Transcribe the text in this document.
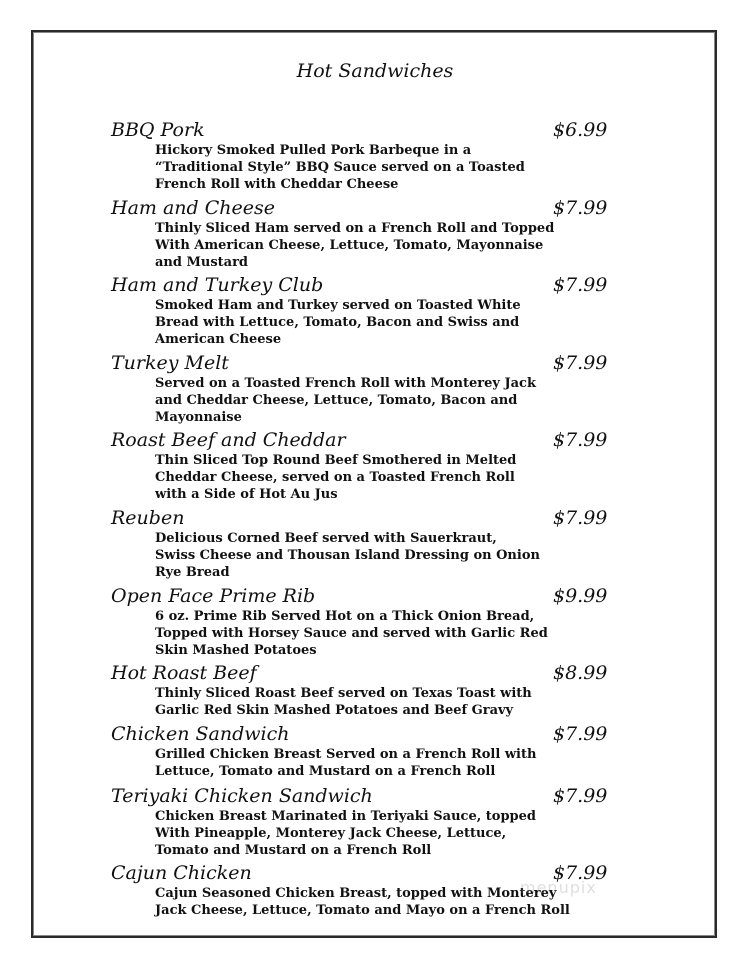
Hot Sandwiches
BBQ Pork	$6.99
Hickory Smoked Pulled Pork Barbeque in a
“Traditional Style” BBQ Sauce served on a Toasted
French Roll with Cheddar Cheese
Ham and Cheese	$7.99
Thinly Sliced Ham served on a French Roll and Topped
With American Cheese, Lettuce, Tomato, Mayonnaise
and Mustard
Ham and Turkey Club	$7.99
Smoked Ham and Turkey served on Toasted White
Bread with Lettuce, Tomato, Bacon and Swiss and
American Cheese
Turkey Melt	$7.99
Served on a Toasted French Roll with Monterey Jack
and Cheddar Cheese, Lettuce, Tomato, Bacon and
Mayonnaise
Roast Beef and Cheddar	$7.99
Thin Sliced Top Round Beef Smothered in Melted
Cheddar Cheese, served on a Toasted French Roll
with a Side of Hot Au Jus
Reuben	$7.99
Delicious Corned Beef served with Sauerkraut,
Swiss Cheese and Thousan Island Dressing on Onion
Rye Bread
Open Face Prime Rib	$9.99
6 oz. Prime Rib Served Hot on a Thick Onion Bread,
Topped with Horsey Sauce and served with Garlic Red
Skin Mashed Potatoes
Hot Roast Beef	$8.99
Thinly Sliced Roast Beef served on Texas Toast with
Garlic Red Skin Mashed Potatoes and Beef Gravy
Chicken Sandwich	$7.99
Grilled Chicken Breast Served on a French Roll with
Lettuce, Tomato and Mustard on a French Roll
Teriyaki Chicken Sandwich	$7.99
Chicken Breast Marinated in Teriyaki Sauce, topped
With Pineapple, Monterey Jack Cheese, Lettuce,
Tomato and Mustard on a French Roll
Cajun Chicken	$7.99
Cajun Seasoned Chicken Breast, topped with Monterey
Jack Cheese, Lettuce, Tomato and Mayo on a French Roll
menupix
